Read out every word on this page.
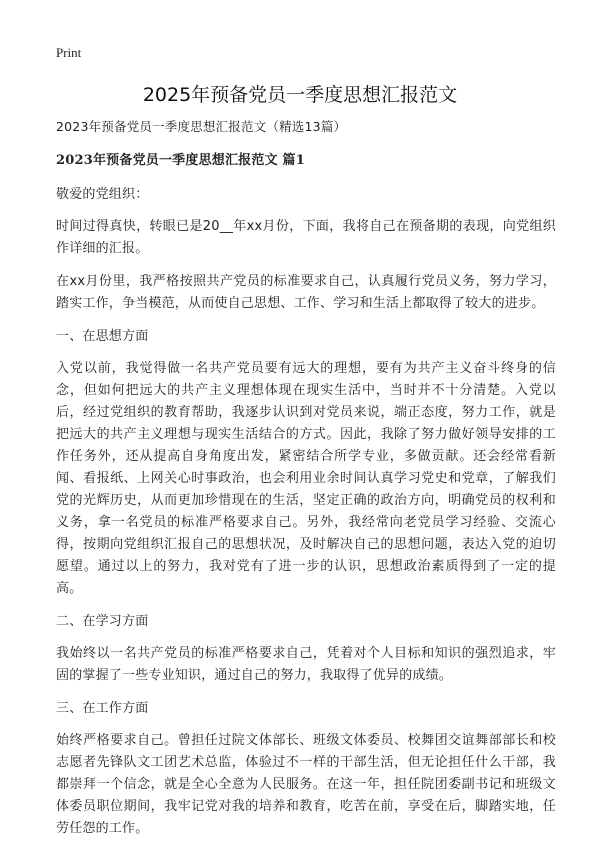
Print
2025年预备党员一季度思想汇报范文

2023年预备党员一季度思想汇报范文（精选13篇）

2023年预备党员一季度思想汇报范文 篇1

敬爱的党组织：

时间过得真快，转眼已是20__年xx月份，下面，我将自己在预备期的表现，向党组织作详细的汇报。

在xx月份里，我严格按照共产党员的标准要求自己，认真履行党员义务，努力学习，踏实工作，争当模范，从而使自己思想、工作、学习和生活上都取得了较大的进步。

一、在思想方面

入党以前，我觉得做一名共产党员要有远大的理想，要有为共产主义奋斗终身的信念，但如何把远大的共产主义理想体现在现实生活中，当时并不十分清楚。入党以后，经过党组织的教育帮助，我逐步认识到对党员来说，端正态度，努力工作，就是把远大的共产主义理想与现实生活结合的方式。因此，我除了努力做好领导安排的工作任务外，还从提高自身角度出发，紧密结合所学专业，多做贡献。还会经常看新闻、看报纸、上网关心时事政治，也会利用业余时间认真学习党史和党章，了解我们党的光辉历史，从而更加珍惜现在的生活，坚定正确的政治方向，明确党员的权利和义务，拿一名党员的标准严格要求自己。另外，我经常向老党员学习经验、交流心得，按期向党组织汇报自己的思想状况，及时解决自己的思想问题，表达入党的迫切愿望。通过以上的努力，我对党有了进一步的认识，思想政治素质得到了一定的提高。

二、在学习方面

我始终以一名共产党员的标准严格要求自己，凭着对个人目标和知识的强烈追求，牢固的掌握了一些专业知识，通过自己的努力，我取得了优异的成绩。

三、在工作方面

始终严格要求自己。曾担任过院文体部长、班级文体委员、校舞团交谊舞部部长和校志愿者先锋队文工团艺术总监，体验过不一样的干部生活，但无论担任什么干部，我都崇拜一个信念，就是全心全意为人民服务。在这一年，担任院团委副书记和班级文体委员职位期间，我牢记党对我的培养和教育，吃苦在前，享受在后，脚踏实地，任劳任怨的工作。
